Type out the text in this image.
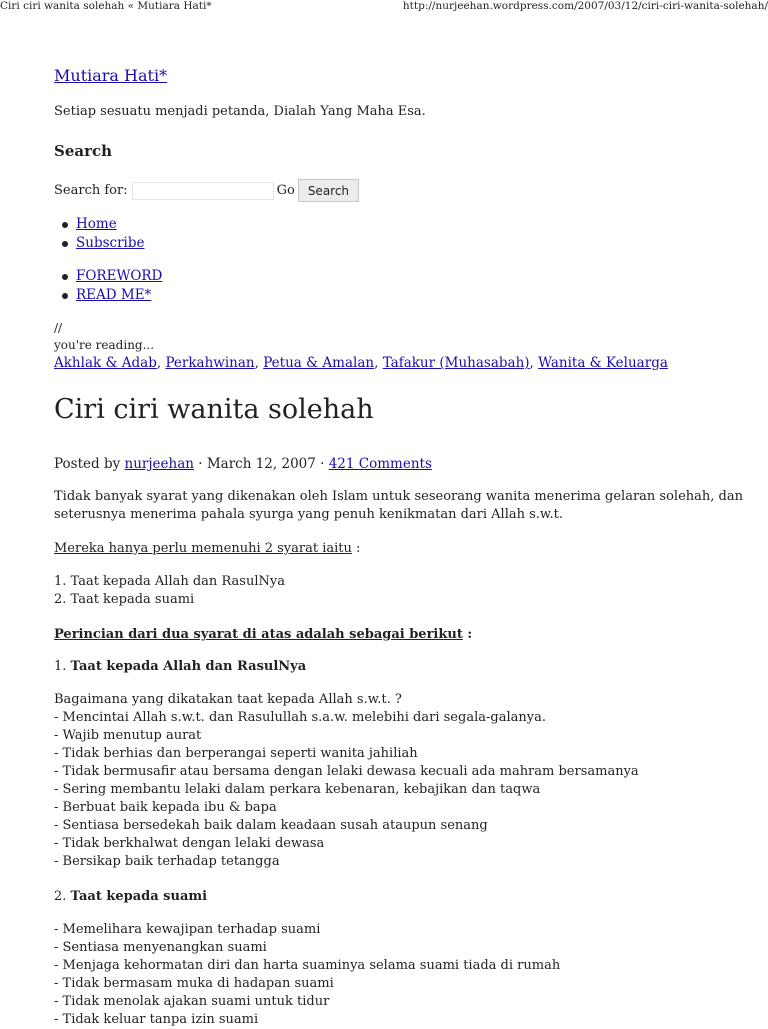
Ciri ciri wanita solehah « Mutiara Hati*	http://nurjeehan.wordpress.com/2007/03/12/ciri-ciri-wanita-solehah/
Mutiara Hati*
Setiap sesuatu menjadi petanda, Dialah Yang Maha Esa.
Search
Search for:	Go	Search
Home
Subscribe
FOREWORD
READ ME*
//
you're reading...
Akhlak & Adab, Perkahwinan, Petua & Amalan, Tafakur (Muhasabah), Wanita & Keluarga
Ciri ciri wanita solehah
Posted by nurjeehan · March 12, 2007 · 421 Comments
Tidak banyak syarat yang dikenakan oleh Islam untuk seseorang wanita menerima gelaran solehah, dan
seterusnya menerima pahala syurga yang penuh kenikmatan dari Allah s.w.t.
Mereka hanya perlu memenuhi 2 syarat iaitu :
1. Taat kepada Allah dan RasulNya
2. Taat kepada suami
Perincian dari dua syarat di atas adalah sebagai berikut :
1. Taat kepada Allah dan RasulNya
Bagaimana yang dikatakan taat kepada Allah s.w.t. ?
- Mencintai Allah s.w.t. dan Rasulullah s.a.w. melebihi dari segala-galanya.
- Wajib menutup aurat
- Tidak berhias dan berperangai seperti wanita jahiliah
- Tidak bermusafir atau bersama dengan lelaki dewasa kecuali ada mahram bersamanya
- Sering membantu lelaki dalam perkara kebenaran, kebajikan dan taqwa
- Berbuat baik kepada ibu & bapa
- Sentiasa bersedekah baik dalam keadaan susah ataupun senang
- Tidak berkhalwat dengan lelaki dewasa
- Bersikap baik terhadap tetangga
2. Taat kepada suami
- Memelihara kewajipan terhadap suami
- Sentiasa menyenangkan suami
- Menjaga kehormatan diri dan harta suaminya selama suami tiada di rumah
- Tidak bermasam muka di hadapan suami
- Tidak menolak ajakan suami untuk tidur
- Tidak keluar tanpa izin suami
